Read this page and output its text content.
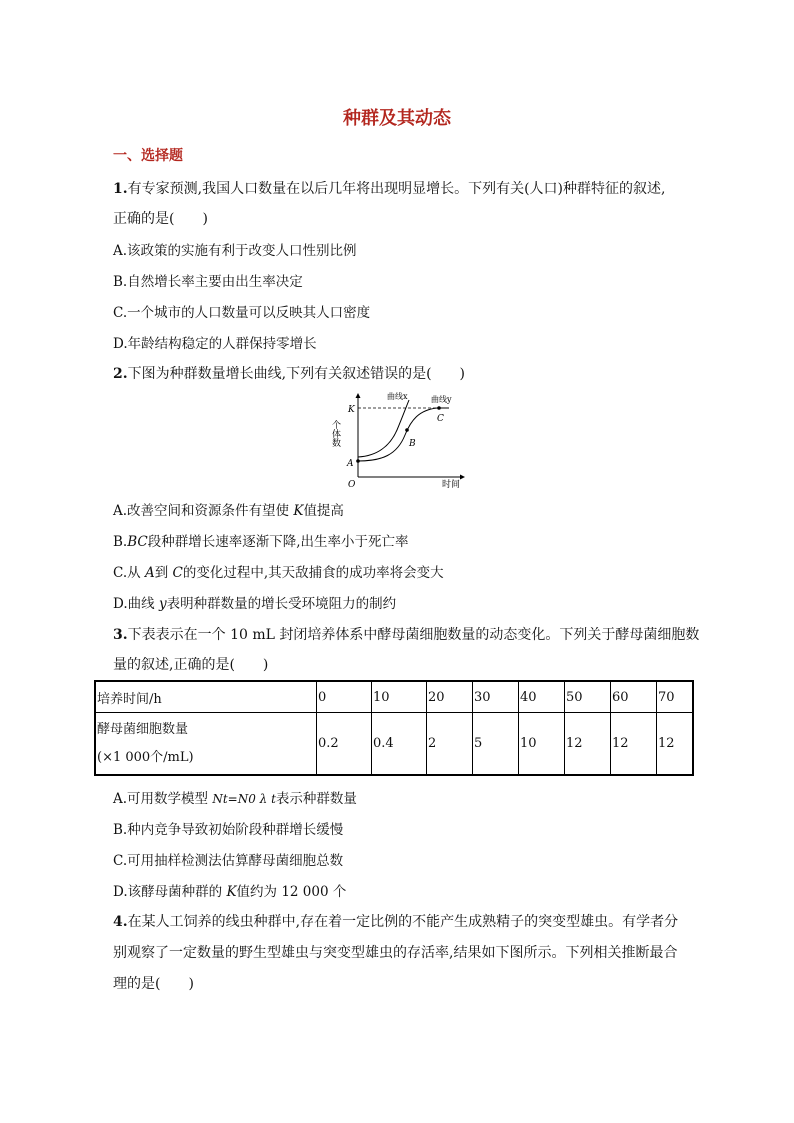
种群及其动态
一、选择题
1.有专家预测,我国人口数量在以后几年将出现明显增长。下列有关(人口)种群特征的叙述,
正确的是(　　)
A.该政策的实施有利于改变人口性别比例
B.自然增长率主要由出生率决定
C.一个城市的人口数量可以反映其人口密度
D.年龄结构稳定的人群保持零增长
2.下图为种群数量增长曲线,下列有关叙述错误的是(　　)
个体数
时间
O
K
A
B
C
曲线x	曲线y
A.改善空间和资源条件有望使 K值提高
B.BC段种群增长速率逐渐下降,出生率小于死亡率
C.从 A到 C的变化过程中,其天敌捕食的成功率将会变大
D.曲线 y表明种群数量的增长受环境阻力的制约
3.下表表示在一个 10 mL 封闭培养体系中酵母菌细胞数量的动态变化。下列关于酵母菌细胞数
量的叙述,正确的是(　　)
培养时间/h	0	10	20	30	40	50	60	70

酵母菌细胞数量
(×1 000个/mL)	0.2	0.4	2	5	10	12	12	12
A.可用数学模型 Nt=N0 λ t表示种群数量
B.种内竞争导致初始阶段种群增长缓慢
C.可用抽样检测法估算酵母菌细胞总数
D.该酵母菌种群的 K值约为 12 000 个
4.在某人工饲养的线虫种群中,存在着一定比例的不能产生成熟精子的突变型雄虫。有学者分
别观察了一定数量的野生型雄虫与突变型雄虫的存活率,结果如下图所示。下列相关推断最合
理的是(　　)
